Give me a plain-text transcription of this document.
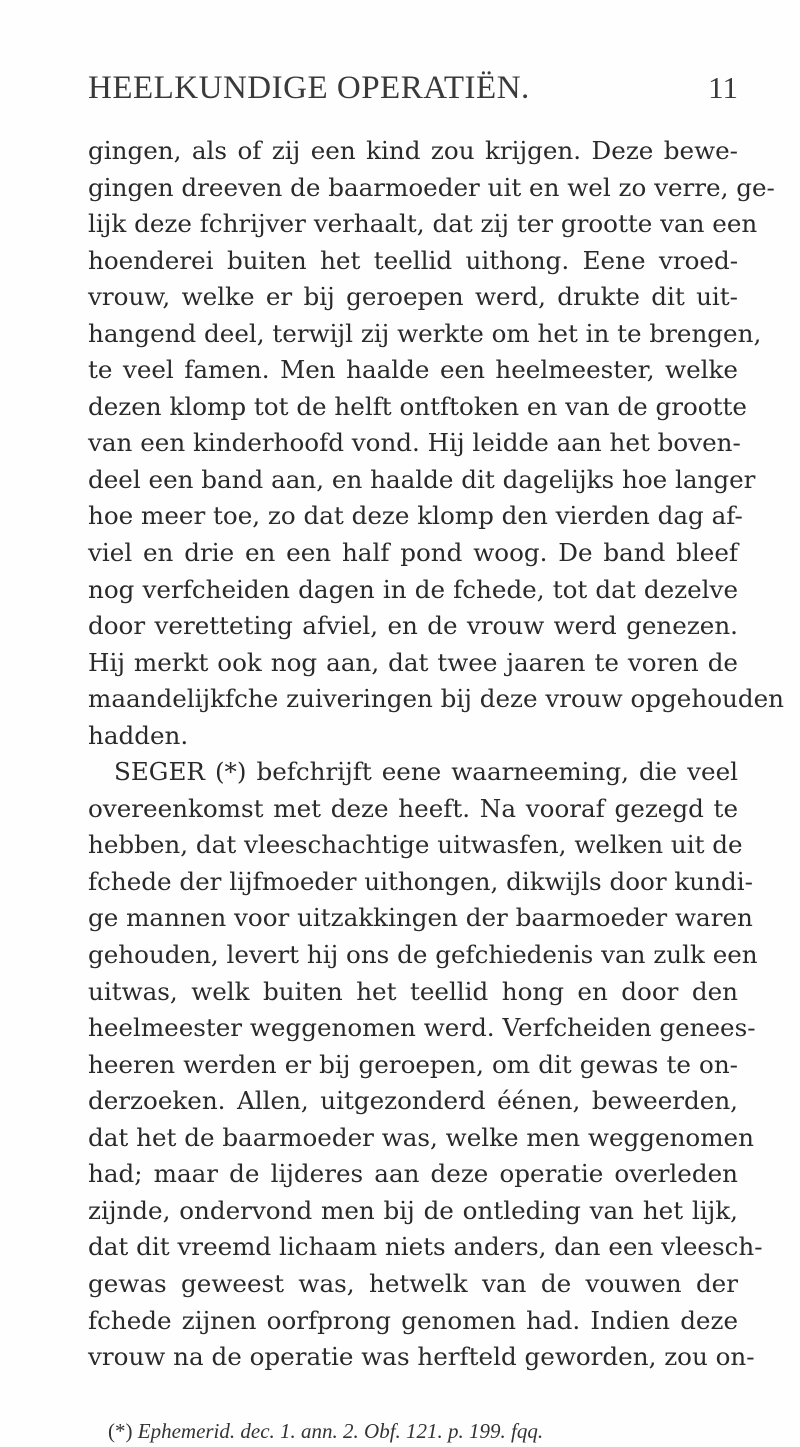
HEELKUNDIGE OPERATIËN.	11
gingen, als of zij een kind zou krijgen. Deze bewe-
gingen dreeven de baarmoeder uit en wel zo verre, ge-
lijk deze fchrijver verhaalt, dat zij ter grootte van een
hoenderei buiten het teellid uithong. Eene vroed-
vrouw, welke er bij geroepen werd, drukte dit uit-
hangend deel, terwijl zij werkte om het in te brengen,
te veel famen. Men haalde een heelmeester, welke
dezen klomp tot de helft ontftoken en van de grootte
van een kinderhoofd vond. Hij leidde aan het boven-
deel een band aan, en haalde dit dagelijks hoe langer
hoe meer toe, zo dat deze klomp den vierden dag af-
viel en drie en een half pond woog. De band bleef
nog verfcheiden dagen in de fchede, tot dat dezelve
door veretteting afviel, en de vrouw werd genezen.
Hij merkt ook nog aan, dat twee jaaren te voren de
maandelijkfche zuiveringen bij deze vrouw opgehouden
hadden.
SEGER (*) befchrijft eene waarneeming, die veel
overeenkomst met deze heeft. Na vooraf gezegd te
hebben, dat vleeschachtige uitwasfen, welken uit de
fchede der lijfmoeder uithongen, dikwijls door kundi-
ge mannen voor uitzakkingen der baarmoeder waren
gehouden, levert hij ons de gefchiedenis van zulk een
uitwas, welk buiten het teellid hong en door den
heelmeester weggenomen werd. Verfcheiden genees-
heeren werden er bij geroepen, om dit gewas te on-
derzoeken. Allen, uitgezonderd éénen, beweerden,
dat het de baarmoeder was, welke men weggenomen
had; maar de lijderes aan deze operatie overleden
zijnde, ondervond men bij de ontleding van het lijk,
dat dit vreemd lichaam niets anders, dan een vleesch-
gewas geweest was, hetwelk van de vouwen der
fchede zijnen oorfprong genomen had. Indien deze
vrouw na de operatie was herfteld geworden, zou on-
(*) Ephemerid. dec. 1. ann. 2. Obf. 121. p. 199. fqq.
